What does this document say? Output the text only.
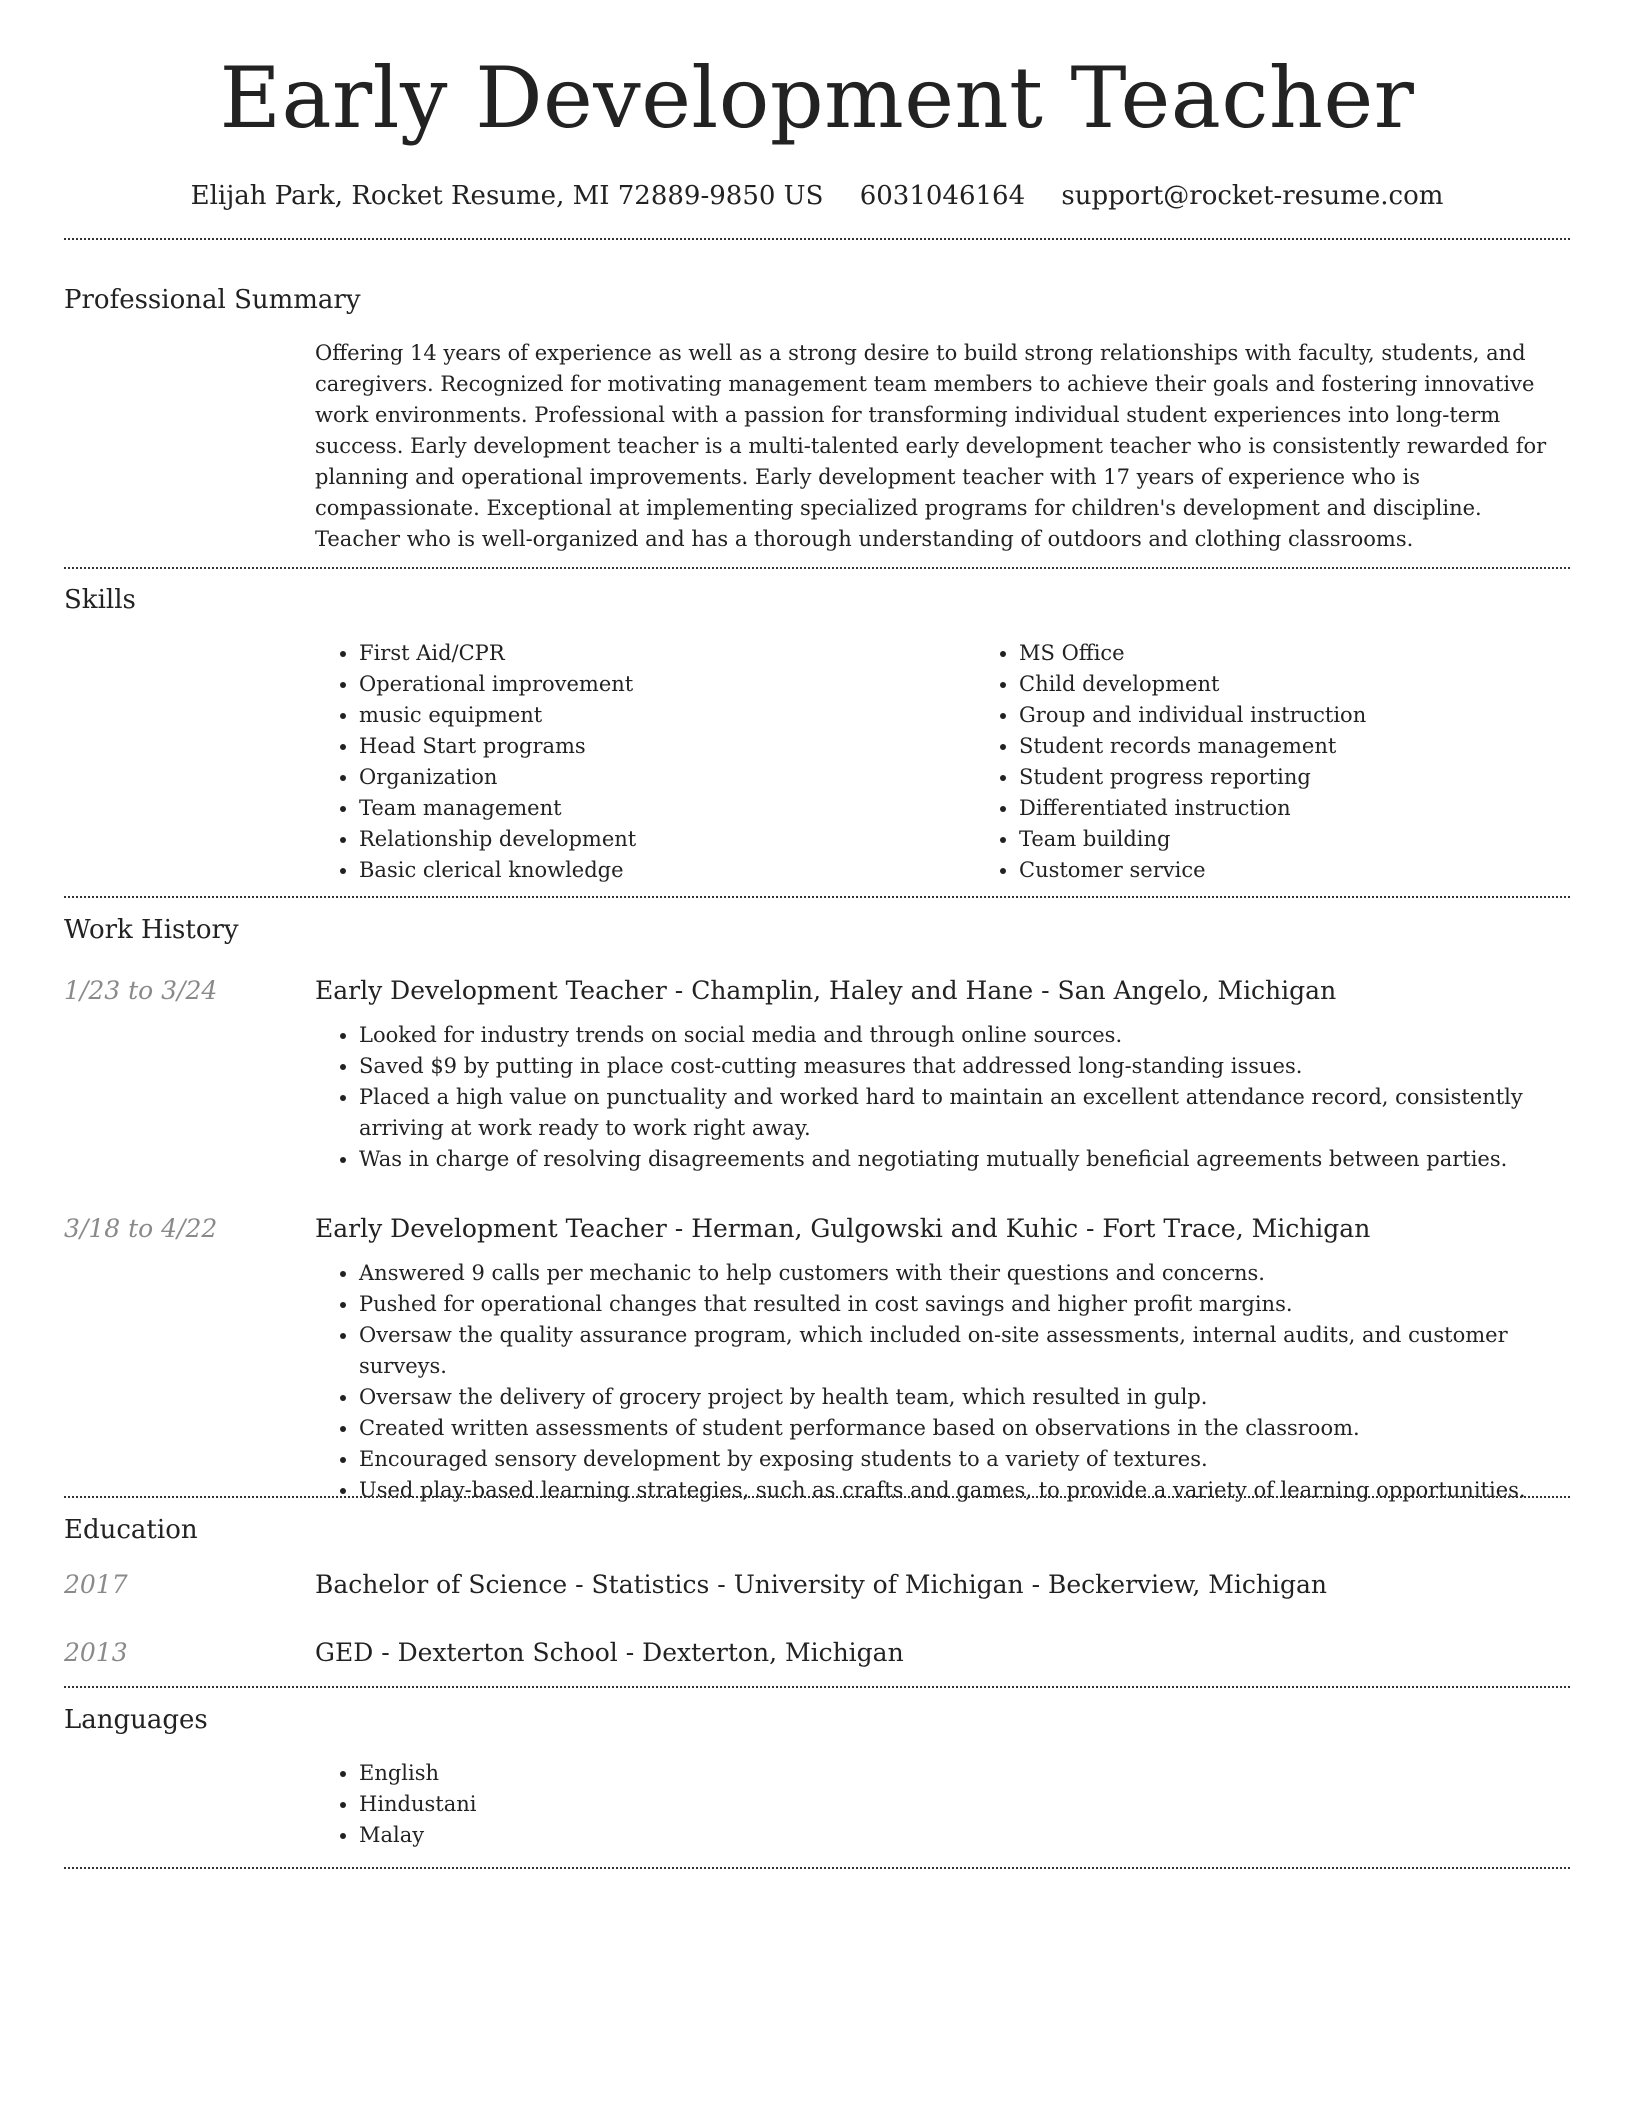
Early Development Teacher
Elijah Park, Rocket Resume, MI 72889-9850 US 6031046164 support@rocket-resume.com
Professional Summary
Offering 14 years of experience as well as a strong desire to build strong relationships with faculty, students, and caregivers. Recognized for motivating management team members to achieve their goals and fostering innovative work environments. Professional with a passion for transforming individual student experiences into long-term success. Early development teacher is a multi-talented early development teacher who is consistently rewarded for planning and operational improvements. Early development teacher with 17 years of experience who is compassionate. Exceptional at implementing specialized programs for children's development and discipline. Teacher who is well-organized and has a thorough understanding of outdoors and clothing classrooms.
Skills
• First Aid/CPR
• Operational improvement
• music equipment
• Head Start programs
• Organization
• Team management
• Relationship development
• Basic clerical knowledge
• MS Office
• Child development
• Group and individual instruction
• Student records management
• Student progress reporting
• Differentiated instruction
• Team building
• Customer service
Work History
1/23 to 3/24	Early Development Teacher - Champlin, Haley and Hane - San Angelo, Michigan
• Looked for industry trends on social media and through online sources.
• Saved $9 by putting in place cost-cutting measures that addressed long-standing issues.
• Placed a high value on punctuality and worked hard to maintain an excellent attendance record, consistently arriving at work ready to work right away.
• Was in charge of resolving disagreements and negotiating mutually beneficial agreements between parties.
3/18 to 4/22	Early Development Teacher - Herman, Gulgowski and Kuhic - Fort Trace, Michigan
• Answered 9 calls per mechanic to help customers with their questions and concerns.
• Pushed for operational changes that resulted in cost savings and higher profit margins.
• Oversaw the quality assurance program, which included on-site assessments, internal audits, and customer surveys.
• Oversaw the delivery of grocery project by health team, which resulted in gulp.
• Created written assessments of student performance based on observations in the classroom.
• Encouraged sensory development by exposing students to a variety of textures.
• Used play-based learning strategies, such as crafts and games, to provide a variety of learning opportunities.
Education
2017	Bachelor of Science - Statistics - University of Michigan - Beckerview, Michigan
2013	GED - Dexterton School - Dexterton, Michigan
Languages
• English
• Hindustani
• Malay
